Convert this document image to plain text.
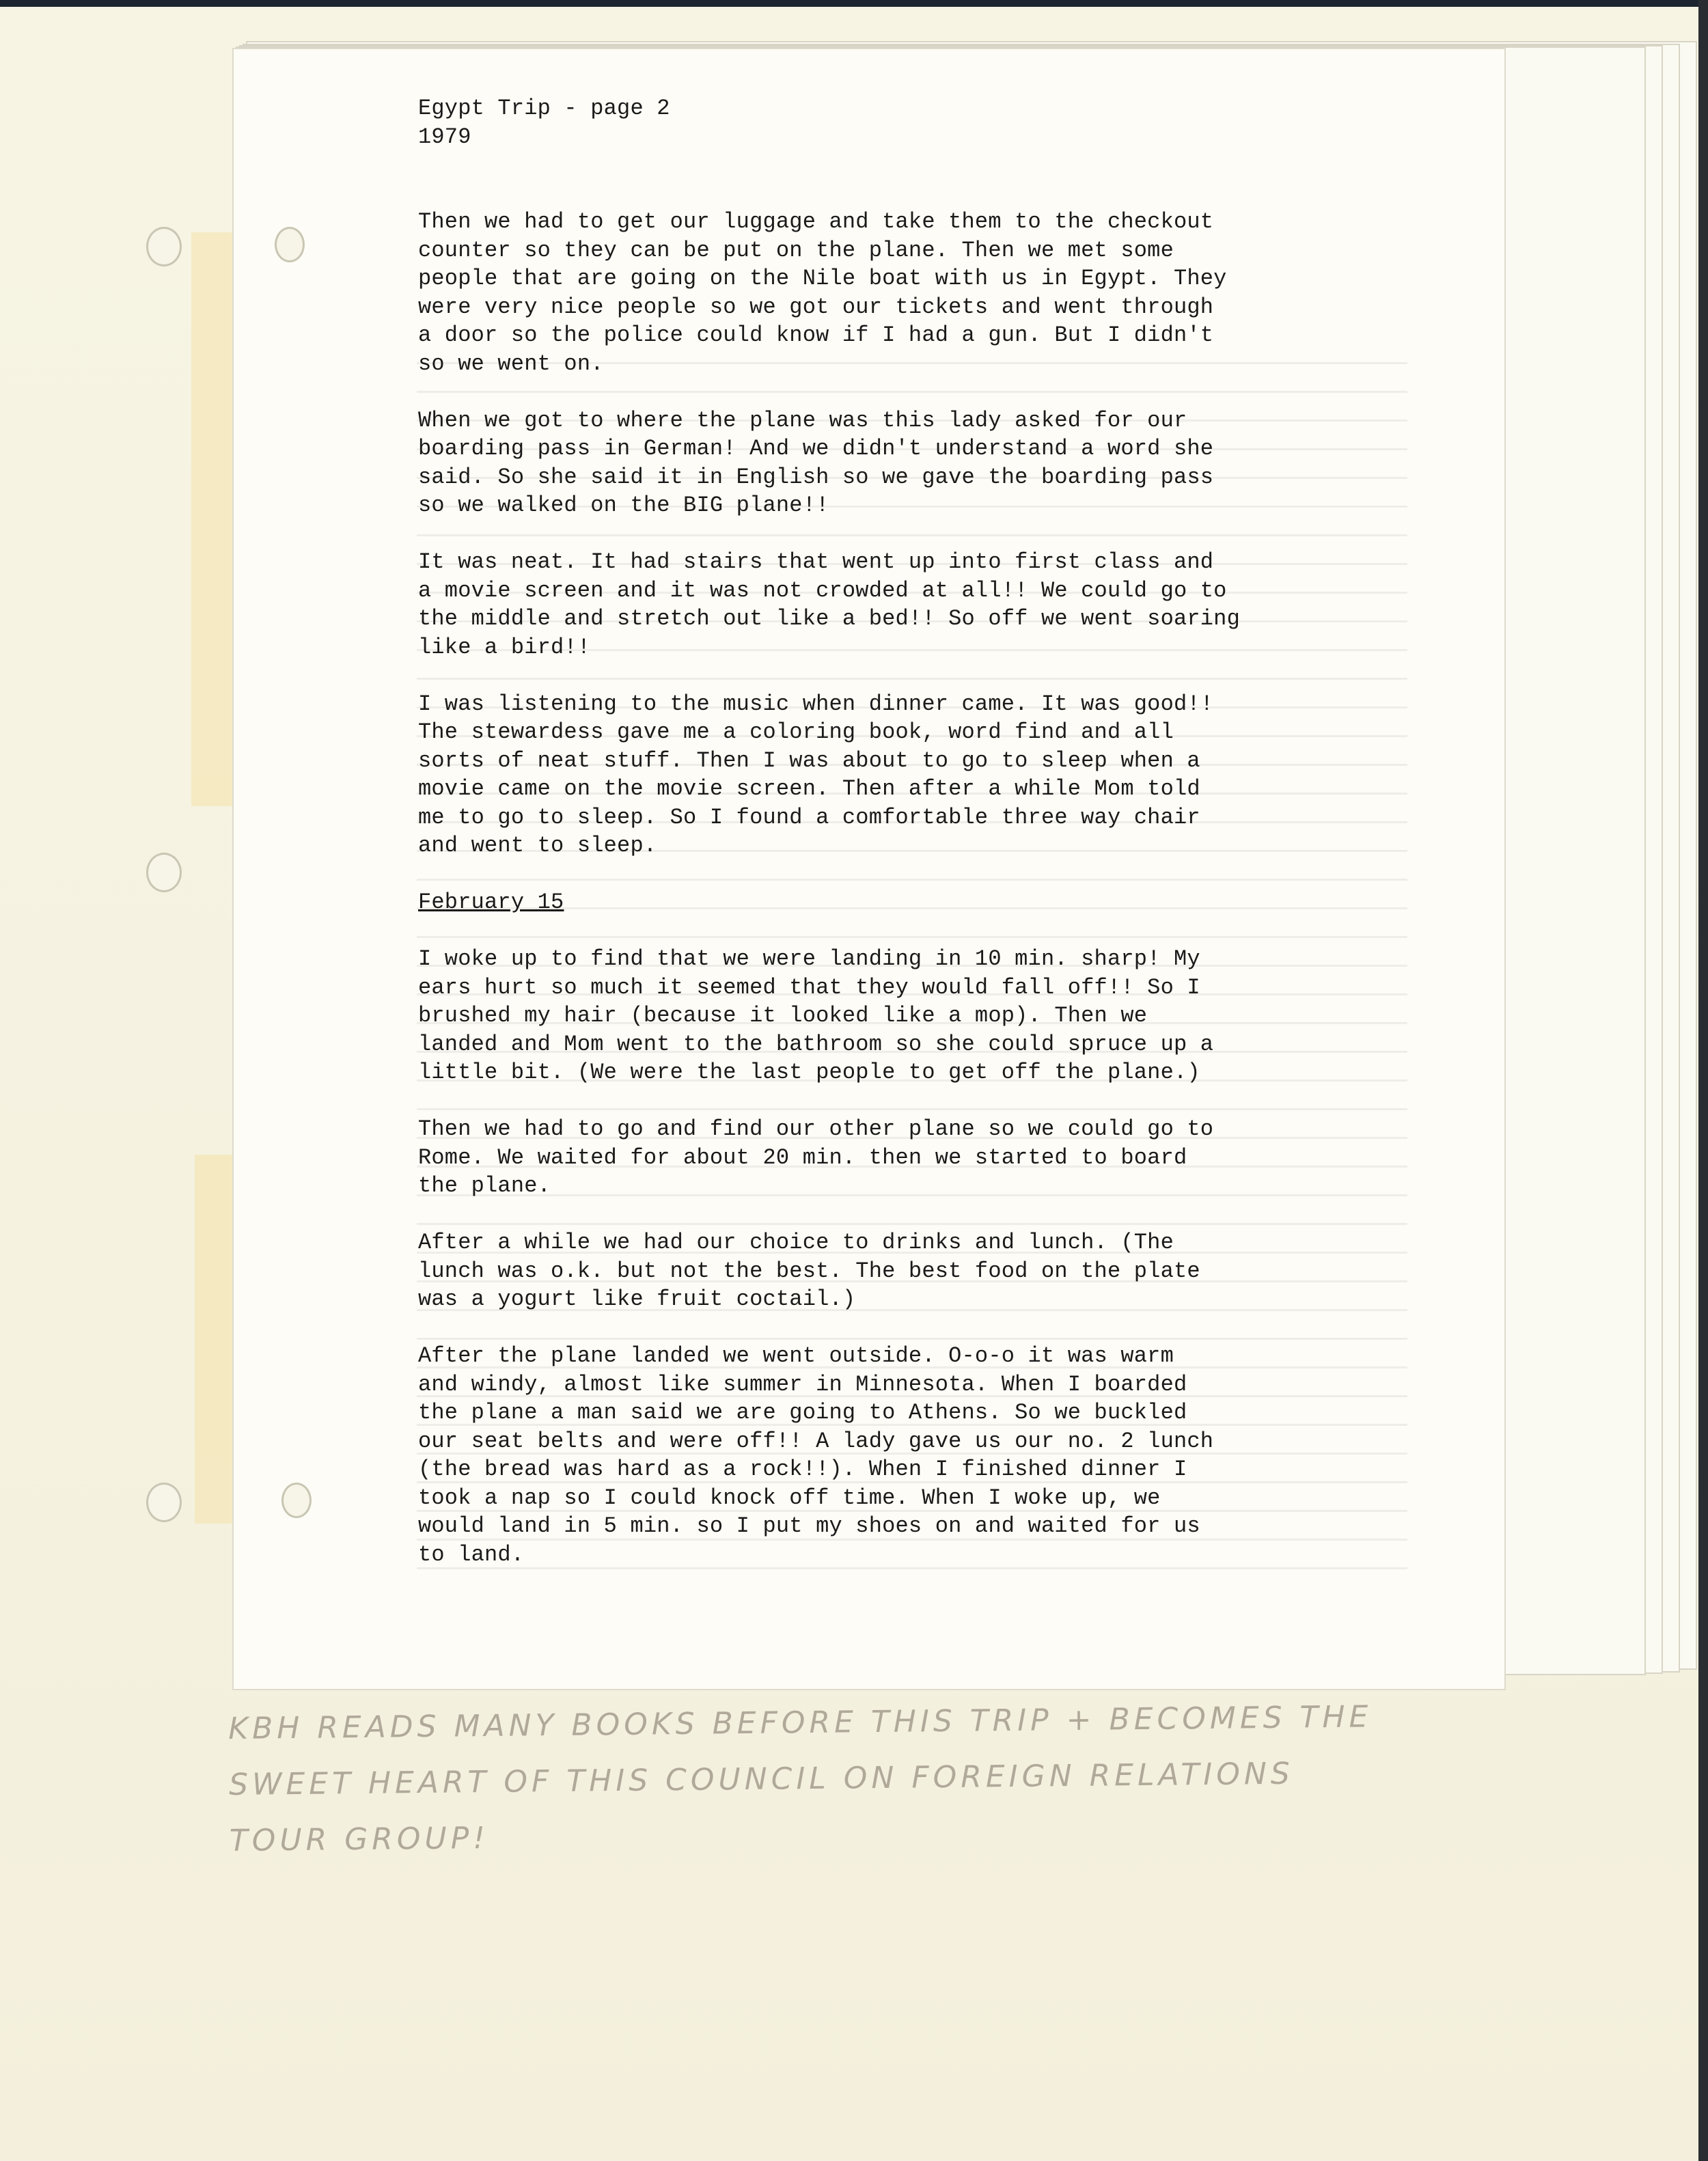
Egypt Trip - page 2
1979
Then we had to get our luggage and take them to the checkout
counter so they can be put on the plane. Then we met some
people that are going on the Nile boat with us in Egypt. They
were very nice people so we got our tickets and went through
a door so the police could know if I had a gun. But I didn't
so we went on.
When we got to where the plane was this lady asked for our
boarding pass in German! And we didn't understand a word she
said. So she said it in English so we gave the boarding pass
so we walked on the BIG plane!!
It was neat. It had stairs that went up into first class and
a movie screen and it was not crowded at all!! We could go to
the middle and stretch out like a bed!! So off we went soaring
like a bird!!
I was listening to the music when dinner came. It was good!!
The stewardess gave me a coloring book, word find and all
sorts of neat stuff. Then I was about to go to sleep when a
movie came on the movie screen. Then after a while Mom told
me to go to sleep. So I found a comfortable three way chair
and went to sleep.
February 15
I woke up to find that we were landing in 10 min. sharp! My
ears hurt so much it seemed that they would fall off!! So I
brushed my hair (because it looked like a mop). Then we
landed and Mom went to the bathroom so she could spruce up a
little bit. (We were the last people to get off the plane.)
Then we had to go and find our other plane so we could go to
Rome. We waited for about 20 min. then we started to board
the plane.
After a while we had our choice to drinks and lunch. (The
lunch was o.k. but not the best. The best food on the plate
was a yogurt like fruit coctail.)
After the plane landed we went outside. O-o-o it was warm
and windy, almost like summer in Minnesota. When I boarded
the plane a man said we are going to Athens. So we buckled
our seat belts and were off!! A lady gave us our no. 2 lunch
(the bread was hard as a rock!!). When I finished dinner I
took a nap so I could knock off time. When I woke up, we
would land in 5 min. so I put my shoes on and waited for us
to land.
KBH READS MANY BOOKS BEFORE THIS TRIP + BECOMES THE
SWEET HEART OF THIS COUNCIL ON FOREIGN RELATIONS
TOUR GROUP!
